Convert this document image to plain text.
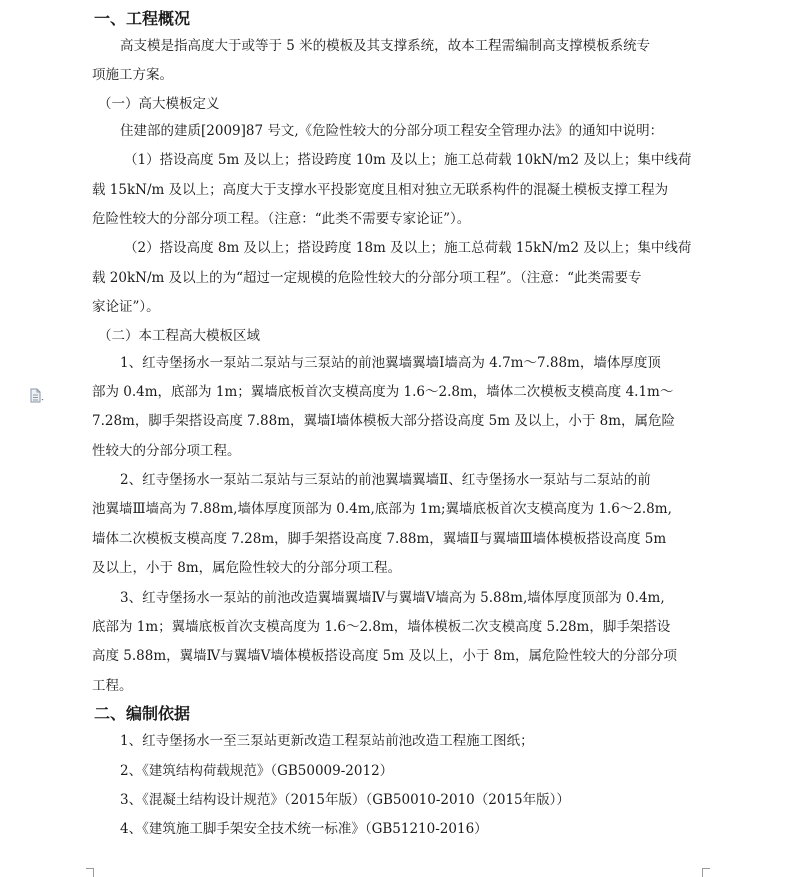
一、工程概况
高支模是指高度大于或等于 5 米的模板及其支撑系统，故本工程需编制高支撑模板系统专
项施工方案。
（一）高大模板定义
住建部的建质[2009]87 号文,《危险性较大的分部分项工程安全管理办法》的通知中说明：
（1）搭设高度 5m 及以上；搭设跨度 10m 及以上；施工总荷载 10kN/m2 及以上；集中线荷
载 15kN/m 及以上；高度大于支撑水平投影宽度且相对独立无联系构件的混凝土模板支撑工程为
危险性较大的分部分项工程。（注意：“此类不需要专家论证”）。
（2）搭设高度 8m 及以上；搭设跨度 18m 及以上；施工总荷载 15kN/m2 及以上；集中线荷
载 20kN/m 及以上的为“超过一定规模的危险性较大的分部分项工程”。（注意：“此类需要专
家论证”）。
（二）本工程高大模板区域
1、红寺堡扬水一泵站二泵站与三泵站的前池翼墙翼墙Ⅰ墙高为 4.7m～7.88m，墙体厚度顶
部为 0.4m，底部为 1m；翼墙底板首次支模高度为 1.6～2.8m，墙体二次模板支模高度 4.1m～
7.28m，脚手架搭设高度 7.88m，翼墙Ⅰ墙体模板大部分搭设高度 5m 及以上，小于 8m，属危险
性较大的分部分项工程。
2、红寺堡扬水一泵站二泵站与三泵站的前池翼墙翼墙Ⅱ、红寺堡扬水一泵站与二泵站的前
池翼墙Ⅲ墙高为 7.88m,墙体厚度顶部为 0.4m,底部为 1m;翼墙底板首次支模高度为 1.6～2.8m,
墙体二次模板支模高度 7.28m，脚手架搭设高度 7.88m，翼墙Ⅱ与翼墙Ⅲ墙体模板搭设高度 5m
及以上，小于 8m，属危险性较大的分部分项工程。
3、红寺堡扬水一泵站的前池改造翼墙翼墙Ⅳ与翼墙Ⅴ墙高为 5.88m,墙体厚度顶部为 0.4m,
底部为 1m；翼墙底板首次支模高度为 1.6～2.8m，墙体模板二次支模高度 5.28m，脚手架搭设
高度 5.88m，翼墙Ⅳ与翼墙Ⅴ墙体模板搭设高度 5m 及以上，小于 8m，属危险性较大的分部分项
工程。
二、编制依据
1、红寺堡扬水一至三泵站更新改造工程泵站前池改造工程施工图纸；
2、《建筑结构荷载规范》（GB50009-2012）
3、《混凝土结构设计规范》（2015年版）（GB50010-2010（2015年版））
4、《建筑施工脚手架安全技术统一标准》（GB51210-2016）
